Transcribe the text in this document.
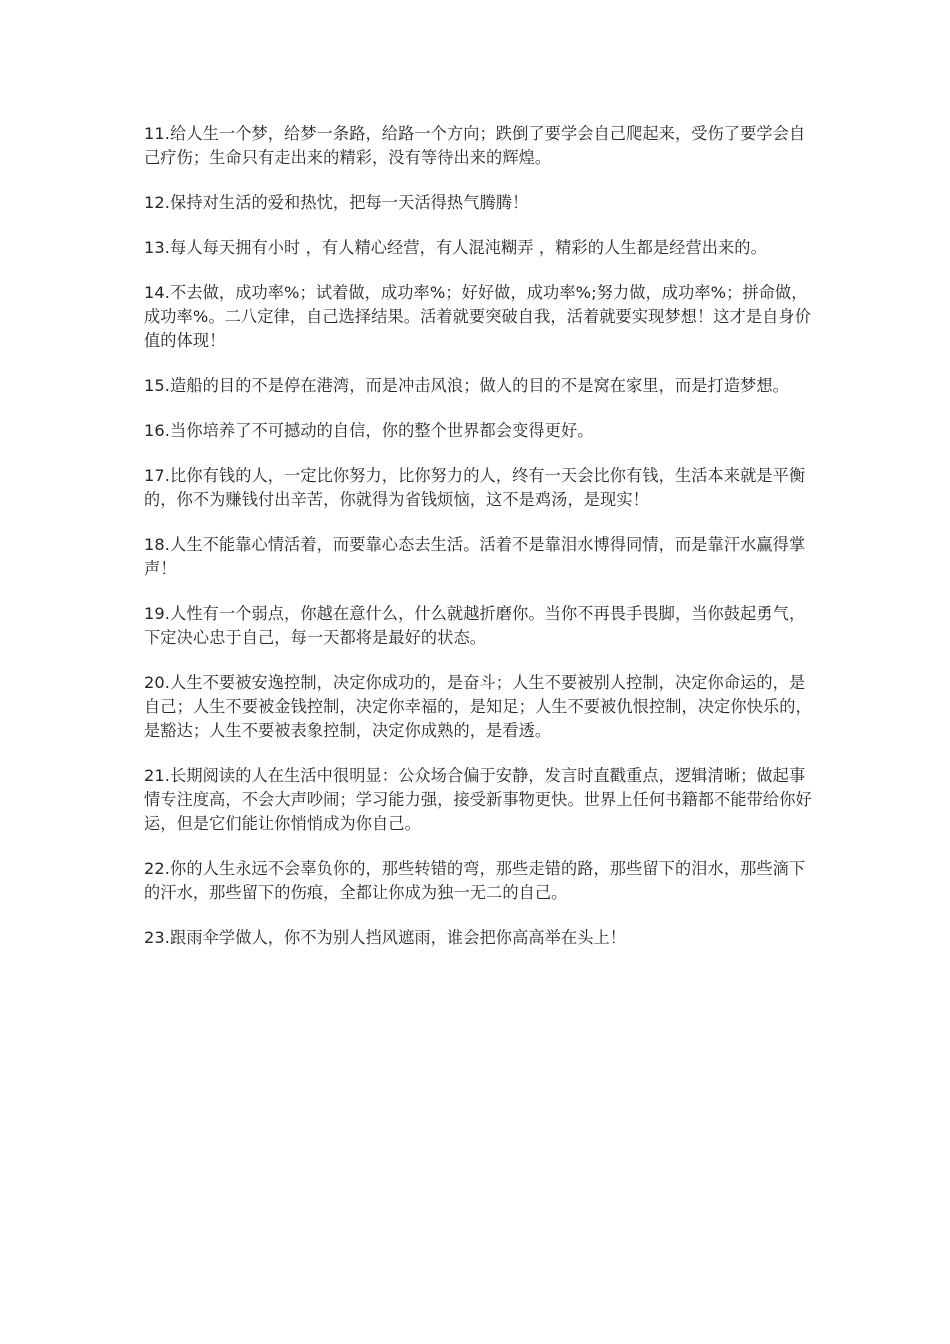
11.给人生一个梦，给梦一条路，给路一个方向；跌倒了要学会自己爬起来，受伤了要学会自己疗伤；生命只有走出来的精彩，没有等待出来的辉煌。

12.保持对生活的爱和热忱，把每一天活得热气腾腾！

13.每人每天拥有小时 ，有人精心经营，有人混沌糊弄 ，精彩的人生都是经营出来的。

14.不去做，成功率%；试着做，成功率%；好好做，成功率%;努力做，成功率%；拼命做，成功率%。二八定律，自己选择结果。活着就要突破自我，活着就要实现梦想！这才是自身价值的体现！

15.造船的目的不是停在港湾，而是冲击风浪；做人的目的不是窝在家里，而是打造梦想。

16.当你培养了不可撼动的自信，你的整个世界都会变得更好。

17.比你有钱的人，一定比你努力，比你努力的人，终有一天会比你有钱，生活本来就是平衡的，你不为赚钱付出辛苦，你就得为省钱烦恼，这不是鸡汤，是现实！

18.人生不能靠心情活着，而要靠心态去生活。活着不是靠泪水博得同情，而是靠汗水赢得掌声！

19.人性有一个弱点，你越在意什么，什么就越折磨你。当你不再畏手畏脚，当你鼓起勇气，下定决心忠于自己，每一天都将是最好的状态。

20.人生不要被安逸控制，决定你成功的，是奋斗；人生不要被别人控制，决定你命运的，是自己；人生不要被金钱控制，决定你幸福的，是知足；人生不要被仇恨控制，决定你快乐的，是豁达；人生不要被表象控制，决定你成熟的，是看透。

21.长期阅读的人在生活中很明显：公众场合偏于安静，发言时直戳重点，逻辑清晰；做起事情专注度高，不会大声吵闹；学习能力强，接受新事物更快。世界上任何书籍都不能带给你好运，但是它们能让你悄悄成为你自己。

22.你的人生永远不会辜负你的，那些转错的弯，那些走错的路，那些留下的泪水，那些滴下的汗水，那些留下的伤痕，全都让你成为独一无二的自己。

23.跟雨伞学做人，你不为别人挡风遮雨，谁会把你高高举在头上！
